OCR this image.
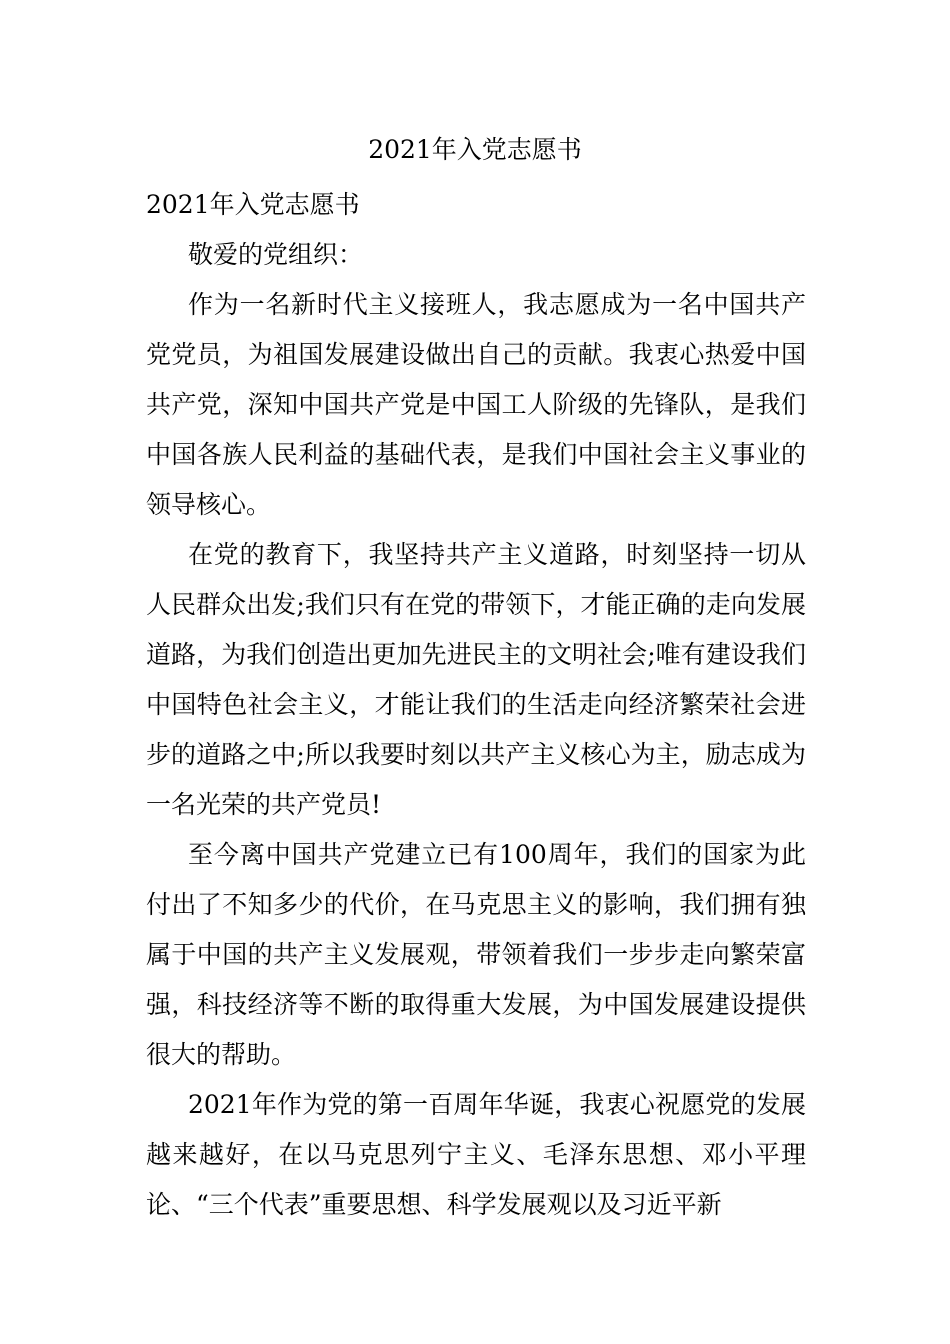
2021年入党志愿书

2021年入党志愿书

敬爱的党组织：

作为一名新时代主义接班人，我志愿成为一名中国共产党党员，为祖国发展建设做出自己的贡献。我衷心热爱中国共产党，深知中国共产党是中国工人阶级的先锋队，是我们中国各族人民利益的基础代表，是我们中国社会主义事业的领导核心。

在党的教育下，我坚持共产主义道路，时刻坚持一切从人民群众出发;我们只有在党的带领下，才能正确的走向发展道路，为我们创造出更加先进民主的文明社会;唯有建设我们中国特色社会主义，才能让我们的生活走向经济繁荣社会进步的道路之中;所以我要时刻以共产主义核心为主，励志成为一名光荣的共产党员!

至今离中国共产党建立已有100周年，我们的国家为此付出了不知多少的代价，在马克思主义的影响，我们拥有独属于中国的共产主义发展观，带领着我们一步步走向繁荣富强，科技经济等不断的取得重大发展，为中国发展建设提供很大的帮助。

2021年作为党的第一百周年华诞，我衷心祝愿党的发展越来越好，在以马克思列宁主义、毛泽东思想、邓小平理论、“三个代表”重要思想、科学发展观以及习近平新
